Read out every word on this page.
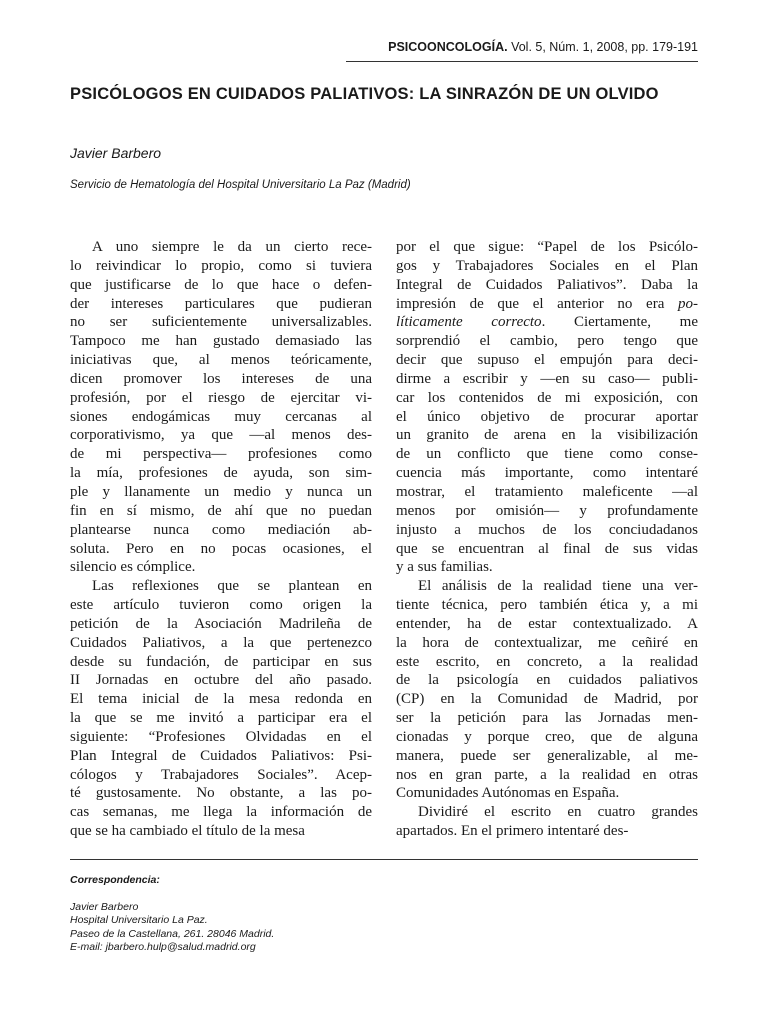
PSICOONCOLOGÍA. Vol. 5, Núm. 1, 2008, pp. 179-191
PSICÓLOGOS EN CUIDADOS PALIATIVOS: LA SINRAZÓN DE UN OLVIDO
Javier Barbero
Servicio de Hematología del Hospital Universitario La Paz (Madrid)
A uno siempre le da un cierto rece-
lo reivindicar lo propio, como si tuviera
que justificarse de lo que hace o defen-
der intereses particulares que pudieran
no ser suficientemente universalizables.
Tampoco me han gustado demasiado las
iniciativas que, al menos teóricamente,
dicen promover los intereses de una
profesión, por el riesgo de ejercitar vi-
siones endogámicas muy cercanas al
corporativismo, ya que —al menos des-
de mi perspectiva— profesiones como
la mía, profesiones de ayuda, son sim-
ple y llanamente un medio y nunca un
fin en sí mismo, de ahí que no puedan
plantearse nunca como mediación ab-
soluta. Pero en no pocas ocasiones, el
silencio es cómplice.
Las reflexiones que se plantean en
este artículo tuvieron como origen la
petición de la Asociación Madrileña de
Cuidados Paliativos, a la que pertenezco
desde su fundación, de participar en sus
II Jornadas en octubre del año pasado.
El tema inicial de la mesa redonda en
la que se me invitó a participar era el
siguiente: “Profesiones Olvidadas en el
Plan Integral de Cuidados Paliativos: Psi-
cólogos y Trabajadores Sociales”. Acep-
té gustosamente. No obstante, a las po-
cas semanas, me llega la información de
que se ha cambiado el título de la mesa
por el que sigue: “Papel de los Psicólo-
gos y Trabajadores Sociales en el Plan
Integral de Cuidados Paliativos”. Daba la
impresión de que el anterior no era po-
líticamente correcto. Ciertamente, me
sorprendió el cambio, pero tengo que
decir que supuso el empujón para deci-
dirme a escribir y —en su caso— publi-
car los contenidos de mi exposición, con
el único objetivo de procurar aportar
un granito de arena en la visibilización
de un conflicto que tiene como conse-
cuencia más importante, como intentaré
mostrar, el tratamiento maleficente —al
menos por omisión— y profundamente
injusto a muchos de los conciudadanos
que se encuentran al final de sus vidas
y a sus familias.
El análisis de la realidad tiene una ver-
tiente técnica, pero también ética y, a mi
entender, ha de estar contextualizado. A
la hora de contextualizar, me ceñiré en
este escrito, en concreto, a la realidad
de la psicología en cuidados paliativos
(CP) en la Comunidad de Madrid, por
ser la petición para las Jornadas men-
cionadas y porque creo, que de alguna
manera, puede ser generalizable, al me-
nos en gran parte, a la realidad en otras
Comunidades Autónomas en España.
Dividiré el escrito en cuatro grandes
apartados. En el primero intentaré des-
Correspondencia:
Javier Barbero
Hospital Universitario La Paz.
Paseo de la Castellana, 261. 28046 Madrid.
E-mail: jbarbero.hulp@salud.madrid.org
